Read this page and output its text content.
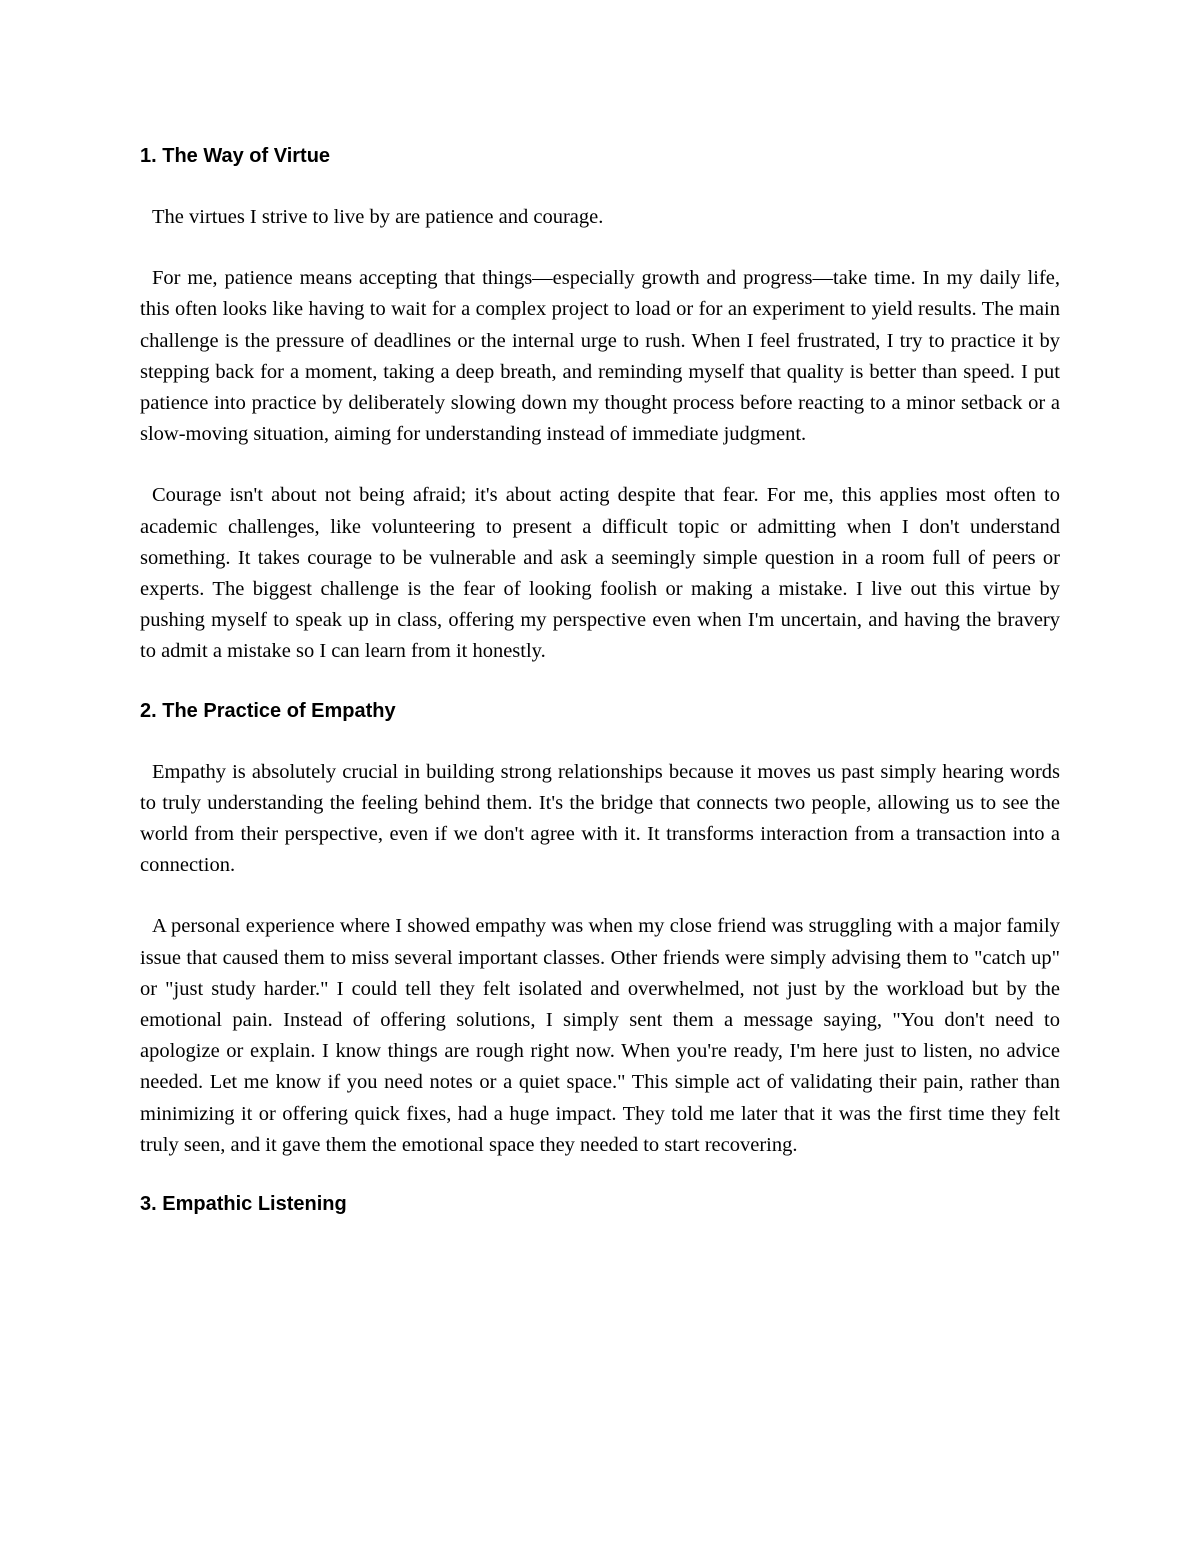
1. The Way of Virtue

The virtues I strive to live by are patience and courage.

For me, patience means accepting that things—especially growth and progress—take time. In my daily life, this often looks like having to wait for a complex project to load or for an experiment to yield results. The main challenge is the pressure of deadlines or the internal urge to rush. When I feel frustrated, I try to practice it by stepping back for a moment, taking a deep breath, and reminding myself that quality is better than speed. I put patience into practice by deliberately slowing down my thought process before reacting to a minor setback or a slow-moving situation, aiming for understanding instead of immediate judgment.

Courage isn't about not being afraid; it's about acting despite that fear. For me, this applies most often to academic challenges, like volunteering to present a difficult topic or admitting when I don't understand something. It takes courage to be vulnerable and ask a seemingly simple question in a room full of peers or experts. The biggest challenge is the fear of looking foolish or making a mistake. I live out this virtue by pushing myself to speak up in class, offering my perspective even when I'm uncertain, and having the bravery to admit a mistake so I can learn from it honestly.

2. The Practice of Empathy

Empathy is absolutely crucial in building strong relationships because it moves us past simply hearing words to truly understanding the feeling behind them. It's the bridge that connects two people, allowing us to see the world from their perspective, even if we don't agree with it. It transforms interaction from a transaction into a connection.

A personal experience where I showed empathy was when my close friend was struggling with a major family issue that caused them to miss several important classes. Other friends were simply advising them to "catch up" or "just study harder." I could tell they felt isolated and overwhelmed, not just by the workload but by the emotional pain. Instead of offering solutions, I simply sent them a message saying, "You don't need to apologize or explain. I know things are rough right now. When you're ready, I'm here just to listen, no advice needed. Let me know if you need notes or a quiet space." This simple act of validating their pain, rather than minimizing it or offering quick fixes, had a huge impact. They told me later that it was the first time they felt truly seen, and it gave them the emotional space they needed to start recovering.

3. Empathic Listening
